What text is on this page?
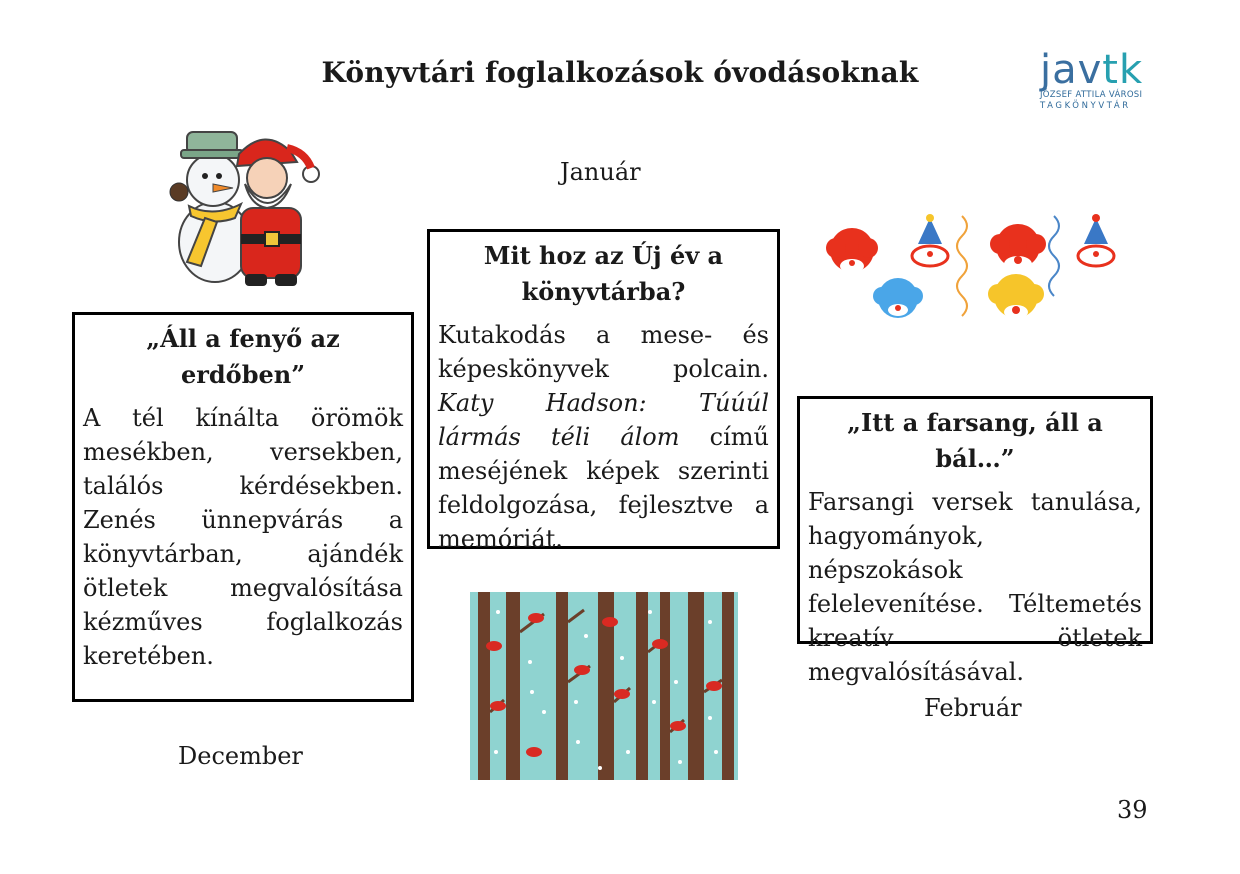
Könyvtári foglalkozások óvodásoknak	javtk
JÓZSEF ATTILA VÁROSI
TAGKÖNYVTÁR
Január
„Áll a fenyő az erdőben”

A tél kínálta örömök mesékben, versekben, találós kérdésekben. Zenés ünnepvárás a könyvtárban, ajándék ötletek megvalósítása kézműves foglalkozás keretében.

Mit hoz az Új év a könyvtárba?

Kutakodás a mese- és képeskönyvek polcain. Katy Hadson: Túúúl lármás téli álom című meséjének képek szerinti feldolgozása, fejlesztve a memóriát.

„Itt a farsang, áll a bál…”

Farsangi versek tanulása, hagyományok, népszokások felelevenítése. Téltemetés kreatív ötletek megvalósításával.

Február
December
39
